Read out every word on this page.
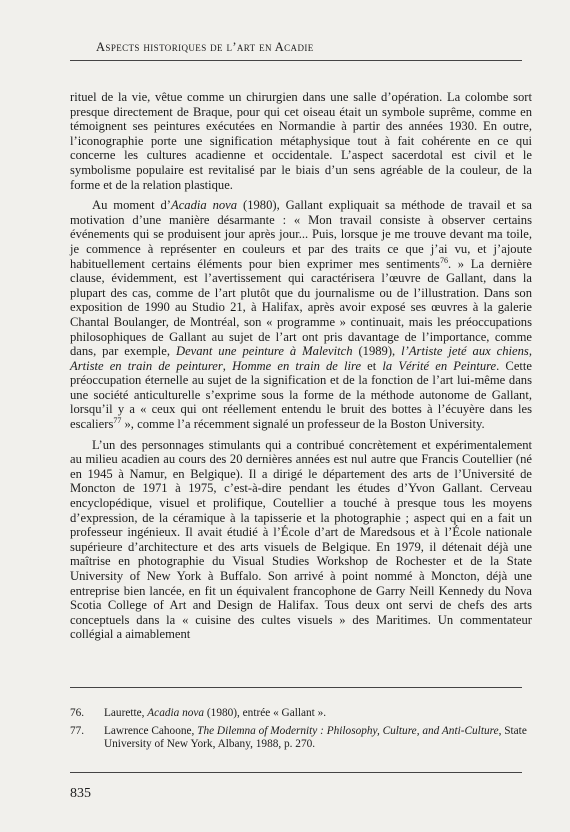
Aspects historiques de l’art en Acadie

rituel de la vie, vêtue comme un chirurgien dans une salle d’opération. La colombe sort presque directement de Braque, pour qui cet oiseau était un symbole suprême, comme en témoignent ses peintures exécutées en Normandie à partir des années 1930. En outre, l’iconographie porte une signification métaphysique tout à fait cohérente en ce qui concerne les cultures acadienne et occidentale. L’aspect sacerdotal est civil et le symbolisme populaire est revitalisé par le biais d’un sens agréable de la couleur, de la forme et de la relation plastique.

Au moment d’Acadia nova (1980), Gallant expliquait sa méthode de travail et sa motivation d’une manière désarmante : « Mon travail consiste à observer certains événements qui se produisent jour après jour... Puis, lorsque je me trouve devant ma toile, je commence à représenter en couleurs et par des traits ce que j’ai vu, et j’ajoute habituellement certains éléments pour bien exprimer mes sentiments$^{76}$. » La dernière clause, évidemment, est l’avertissement qui caractérisera l’œuvre de Gallant, dans la plupart des cas, comme de l’art plutôt que du journalisme ou de l’illustration. Dans son exposition de 1990 au Studio 21, à Halifax, après avoir exposé ses œuvres à la galerie Chantal Boulanger, de Montréal, son « programme » continuait, mais les préoccupations philosophiques de Gallant au sujet de l’art ont pris davantage de l’importance, comme dans, par exemple, Devant une peinture à Malevitch (1989), l’Artiste jeté aux chiens, Artiste en train de peinturer, Homme en train de lire et la Vérité en Peinture. Cette préoccupation éternelle au sujet de la signification et de la fonction de l’art lui-même dans une société anticulturelle s’exprime sous la forme de la méthode autonome de Gallant, lorsqu’il y a « ceux qui ont réellement entendu le bruit des bottes à l’écuyère dans les escaliers$^{77}$ », comme l’a récemment signalé un professeur de la Boston University.

L’un des personnages stimulants qui a contribué concrètement et expérimentalement au milieu acadien au cours des 20 dernières années est nul autre que Francis Coutellier (né en 1945 à Namur, en Belgique). Il a dirigé le département des arts de l’Université de Moncton de 1971 à 1975, c’est-à-dire pendant les études d’Yvon Gallant. Cerveau encyclopédique, visuel et prolifique, Coutellier a touché à presque tous les moyens d’expression, de la céramique à la tapisserie et la photographie ; aspect qui en a fait un professeur ingénieux. Il avait étudié à l’École d’art de Maredsous et à l’École nationale supérieure d’architecture et des arts visuels de Belgique. En 1979, il détenait déjà une maîtrise en photographie du Visual Studies Workshop de Rochester et de la State University of New York à Buffalo. Son arrivé à point nommé à Moncton, déjà une entreprise bien lancée, en fit un équivalent francophone de Garry Neill Kennedy du Nova Scotia College of Art and Design de Halifax. Tous deux ont servi de chefs des arts conceptuels dans la « cuisine des cultes visuels » des Maritimes. Un commentateur collégial a aimablement

76.	Laurette, Acadia nova (1980), entrée « Gallant ».
77.	Lawrence Cahoone, The Dilemna of Modernity : Philosophy, Culture, and Anti-Culture, State University of New York, Albany, 1988, p. 270.
835
